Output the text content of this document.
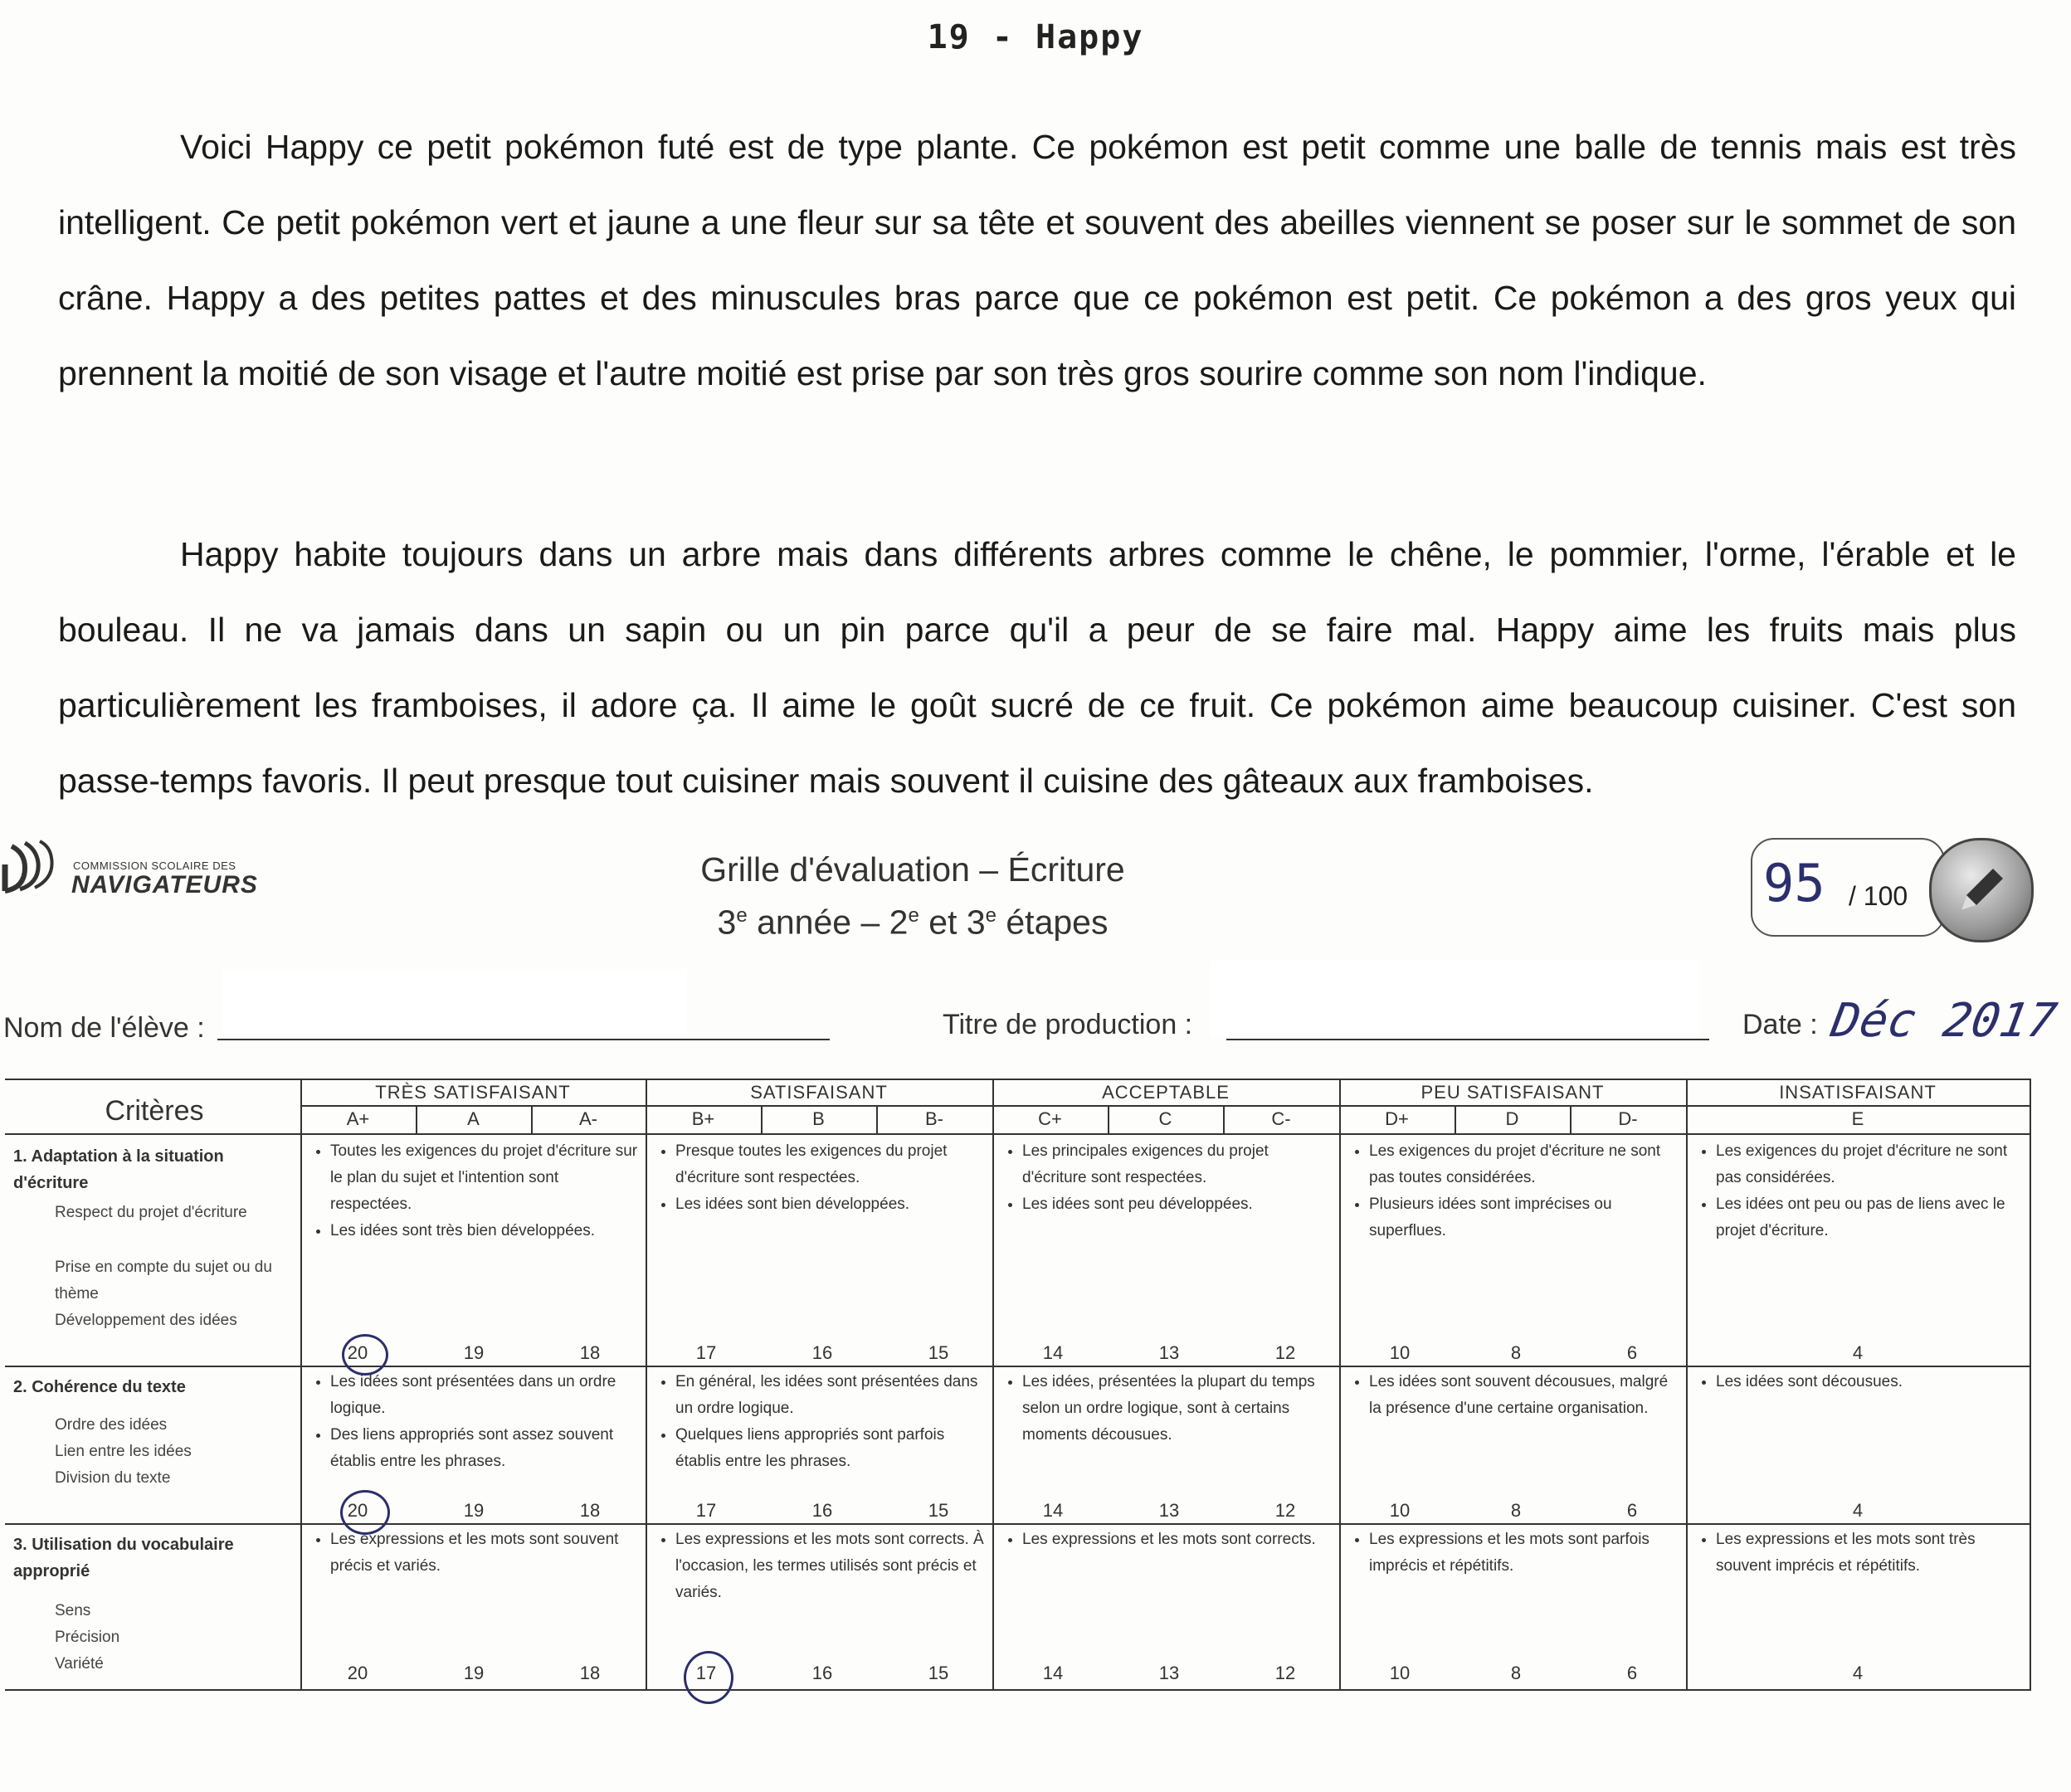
19 - Happy

Voici Happy ce petit pokémon futé est de type plante. Ce pokémon est petit comme une balle de tennis mais est très intelligent. Ce petit pokémon vert et jaune a une fleur sur sa tête et souvent des abeilles viennent se poser sur le sommet de son crâne. Happy a des petites pattes et des minuscules bras parce que ce pokémon est petit. Ce pokémon a des gros yeux qui prennent la moitié de son visage et l'autre moitié est prise par son très gros sourire comme son nom l'indique.

Happy habite toujours dans un arbre mais dans différents arbres comme le chêne, le pommier, l'orme, l'érable et le bouleau. Il ne va jamais dans un sapin ou un pin parce qu'il a peur de se faire mal. Happy aime les fruits mais plus particulièrement les framboises, il adore ça. Il aime le goût sucré de ce fruit. Ce pokémon aime beaucoup cuisiner. C'est son passe-temps favoris. Il peut presque tout cuisiner mais souvent il cuisine des gâteaux aux framboises.

COMMISSION SCOLAIRE DES
NAVIGATEURS	Grille d'évaluation – Écriture
3e année – 2e et 3e étapes
95 / 100
Nom de l'élève :	Titre de production :	Date : Déc 2017
Critères
TRÈS SATISFAISANT	SATISFAISANT	ACCEPTABLE	PEU SATISFAISANT	INSATISFAISANT
A+	A	A-	B+	B	B-	C+	C	C-	D+	D	D-	E
1. Adaptation à la situation d'écriture
Respect du projet d'écriture
Prise en compte du sujet ou du thème
Développement des idées
• Toutes les exigences du projet d'écriture sur le plan du sujet et l'intention sont respectées.
• Les idées sont très bien développées.
• Presque toutes les exigences du projet d'écriture sont respectées.
• Les idées sont bien développées.
• Les principales exigences du projet d'écriture sont respectées.
• Les idées sont peu développées.
• Les exigences du projet d'écriture ne sont pas toutes considérées.
• Plusieurs idées sont imprécises ou superflues.
• Les exigences du projet d'écriture ne sont pas considérées.
• Les idées ont peu ou pas de liens avec le projet d'écriture.
20	19	18	17	16	15	14	13	12	10	8	6	4
2. Cohérence du texte
Ordre des idées
Lien entre les idées
Division du texte
• Les idées sont présentées dans un ordre logique.
• Des liens appropriés sont assez souvent établis entre les phrases.
• En général, les idées sont présentées dans un ordre logique.
• Quelques liens appropriés sont parfois établis entre les phrases.
• Les idées, présentées la plupart du temps selon un ordre logique, sont à certains moments décousues.
• Les idées sont souvent décousues, malgré la présence d'une certaine organisation.
• Les idées sont décousues.
20	19	18	17	16	15	14	13	12	10	8	6	4
3. Utilisation du vocabulaire approprié
Sens
Précision
Variété
• Les expressions et les mots sont souvent précis et variés.
• Les expressions et les mots sont corrects. À l'occasion, les termes utilisés sont précis et variés.
• Les expressions et les mots sont corrects.
•	Les expressions et les mots sont parfois imprécis et répétitifs.
• Les expressions et les mots sont très souvent imprécis et répétitifs.
20	19	18	17	16	15	14	13	12	10	8	6	4
